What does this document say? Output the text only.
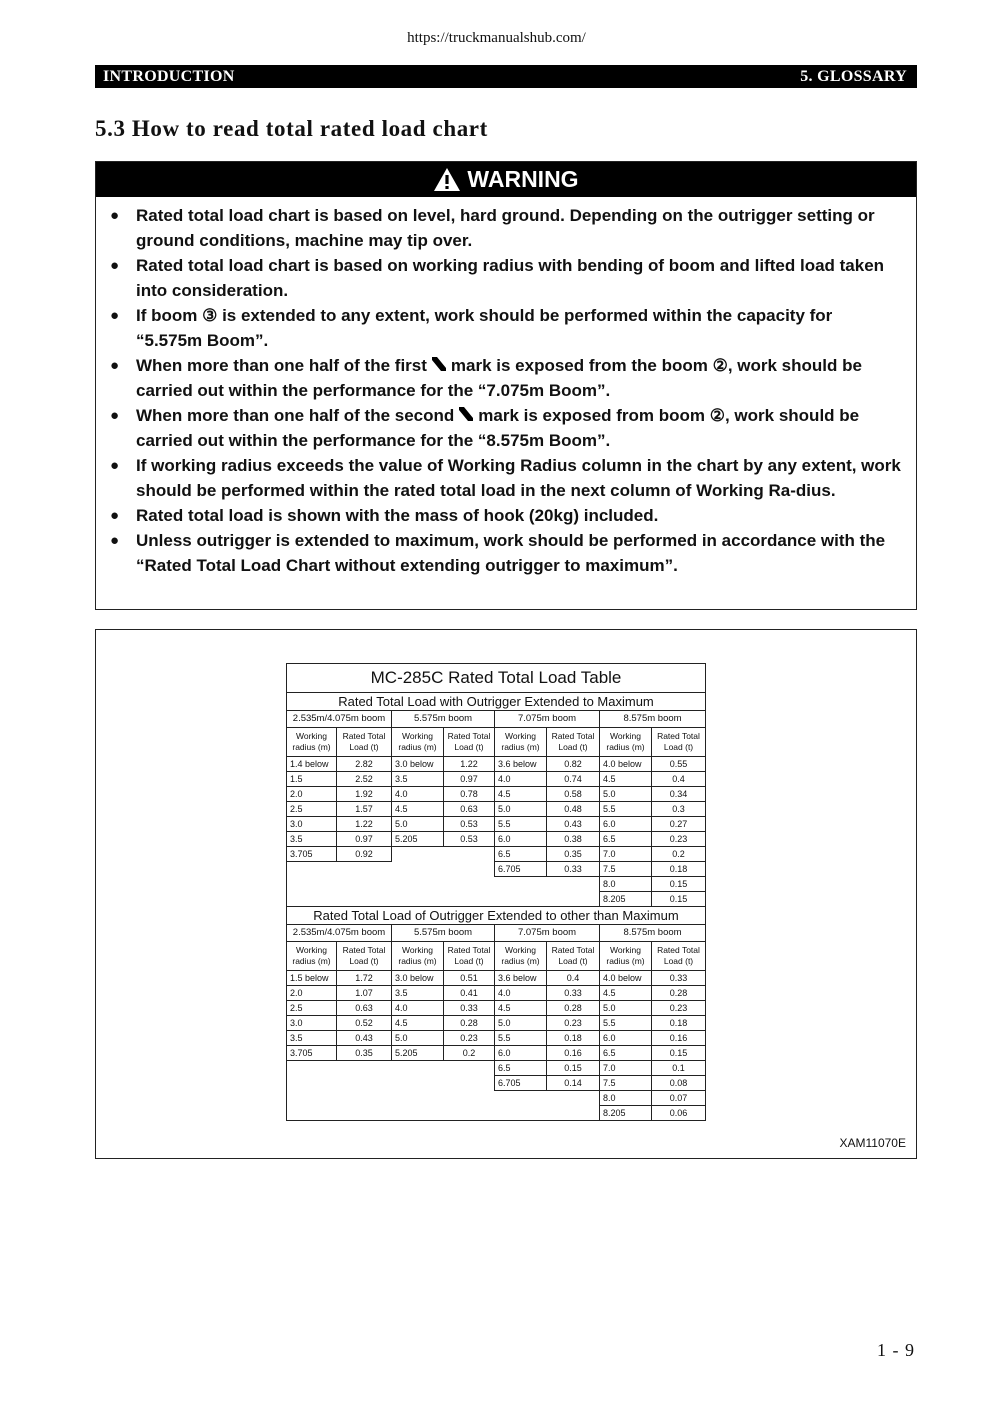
https://truckmanualshub.com/
INTRODUCTION	5. GLOSSARY
5.3 How to read total rated load chart
WARNING
● Rated total load chart is based on level, hard ground. Depending on the outrigger setting or ground conditions, machine may tip over.
● Rated total load chart is based on working radius with bending of boom and lifted load taken into consideration.
● If boom ③ is extended to any extent, work should be performed within the capacity for “5.575m Boom”.
● When more than one half of the first mark is exposed from the boom ②, work should be carried out within the performance for the “7.075m Boom”.
● When more than one half of the second mark is exposed from boom ②, work should be carried out within the performance for the “8.575m Boom”.
● If working radius exceeds the value of Working Radius column in the chart by any extent, work should be performed within the rated total load in the next column of Working Ra-dius.
● Rated total load is shown with the mass of hook (20kg) included.
● Unless outrigger is extended to maximum, work should be performed in accordance with the “Rated Total Load Chart without extending outrigger to maximum”.
MC-285C Rated Total Load Table							
Rated Total Load with Outrigger Extended to Maximum							
2.535m/4.075m boom		5.575m boom		7.075m boom		8.575m boom	
Working radius (m)	Rated Total Load (t)	Working radius (m)	Rated Total Load (t)	Working radius (m)	Rated Total Load (t)	Working radius (m)	Rated Total Load (t)
1.4 below	2.82	3.0 below	1.22	3.6 below	0.82	4.0 below	0.55
1.5	2.52	3.5	0.97	4.0	0.74	4.5	0.4
2.0	1.92	4.0	0.78	4.5	0.58	5.0	0.34
2.5	1.57	4.5	0.63	5.0	0.48	5.5	0.3
3.0	1.22	5.0	0.53	5.5	0.43	6.0	0.27
3.5	0.97	5.205	0.53	6.0	0.38	6.5	0.23
3.705	0.92			6.5	0.35	7.0	0.2
				6.705	0.33	7.5	0.18
						8.0	0.15
						8.205	0.15
Rated Total Load of Outrigger Extended to other than Maximum							
2.535m/4.075m boom		5.575m boom		7.075m boom		8.575m boom	
Working radius (m)	Rated Total Load (t)	Working radius (m)	Rated Total Load (t)	Working radius (m)	Rated Total Load (t)	Working radius (m)	Rated Total Load (t)
1.5 below	1.72	3.0 below	0.51	3.6 below	0.4	4.0 below	0.33
2.0	1.07	3.5	0.41	4.0	0.33	4.5	0.28
2.5	0.63	4.0	0.33	4.5	0.28	5.0	0.23
3.0	0.52	4.5	0.28	5.0	0.23	5.5	0.18
3.5	0.43	5.0	0.23	5.5	0.18	6.0	0.16
3.705	0.35	5.205	0.2	6.0	0.16	6.5	0.15
				6.5	0.15	7.0	0.1
				6.705	0.14	7.5	0.08
						8.0	0.07
						8.205	0.06
XAM11070E
1 - 9
